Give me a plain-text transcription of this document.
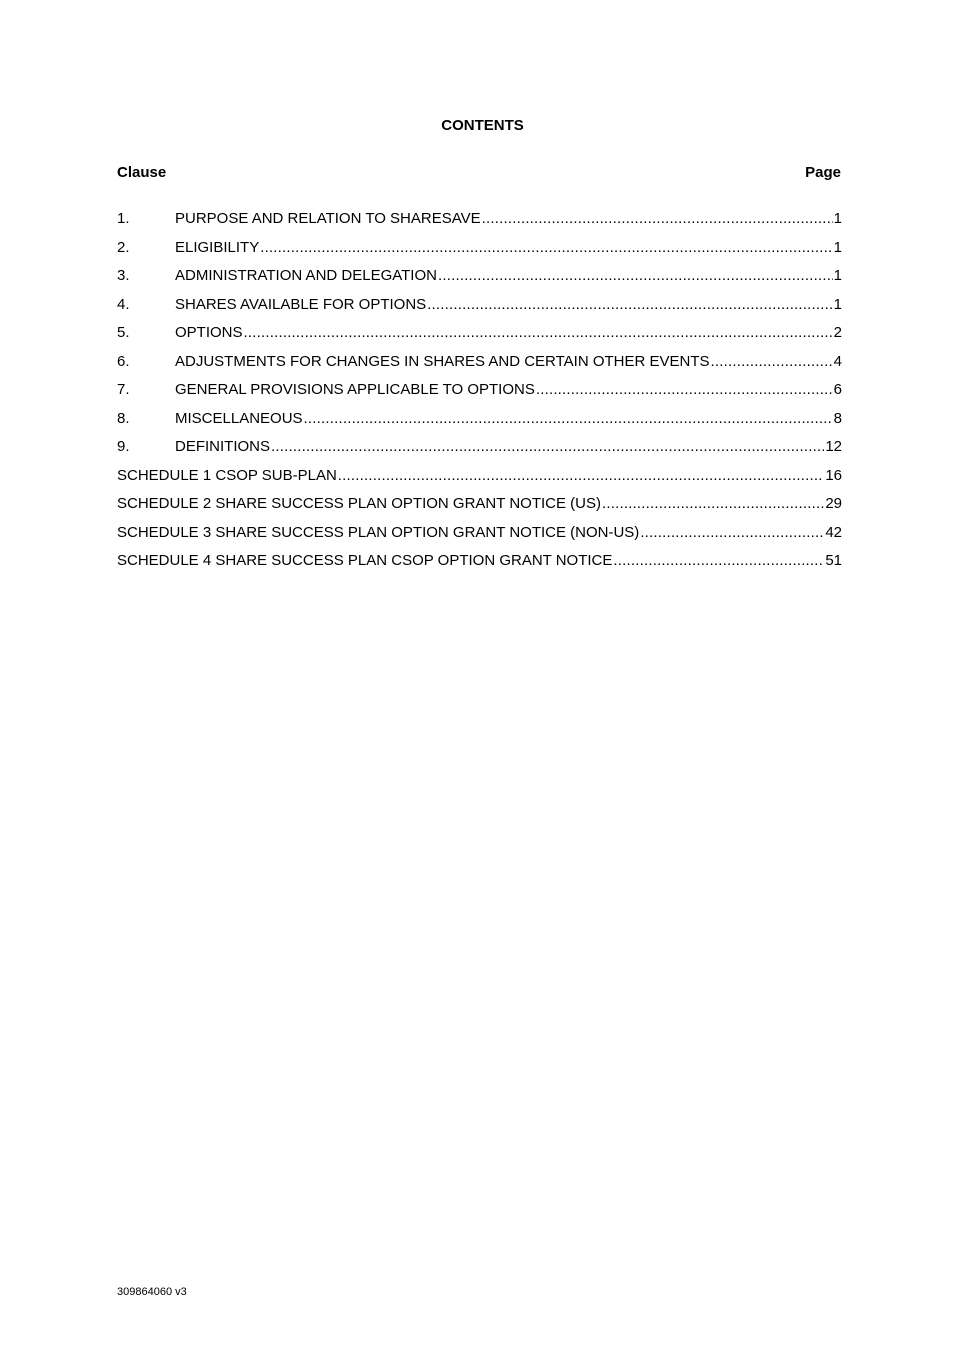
CONTENTS
Clause	Page
1.	PURPOSE AND RELATION TO SHARESAVE .....	1
2.	ELIGIBILITY .....	1
3.	ADMINISTRATION AND DELEGATION .....	1
4.	SHARES AVAILABLE FOR OPTIONS .....	1
5.	OPTIONS .....	2
6.	ADJUSTMENTS FOR CHANGES IN SHARES AND CERTAIN OTHER EVENTS .....	4
7.	GENERAL PROVISIONS APPLICABLE TO OPTIONS .....	6
8.	MISCELLANEOUS .....	8
9.	DEFINITIONS .....	12
SCHEDULE 1 CSOP SUB-PLAN .....	16
SCHEDULE 2 SHARE SUCCESS PLAN OPTION GRANT NOTICE (US) .....	29
SCHEDULE 3 SHARE SUCCESS PLAN OPTION GRANT NOTICE (NON-US) .....	42
SCHEDULE 4 SHARE SUCCESS PLAN CSOP OPTION GRANT NOTICE .....	51
309864060 v3
